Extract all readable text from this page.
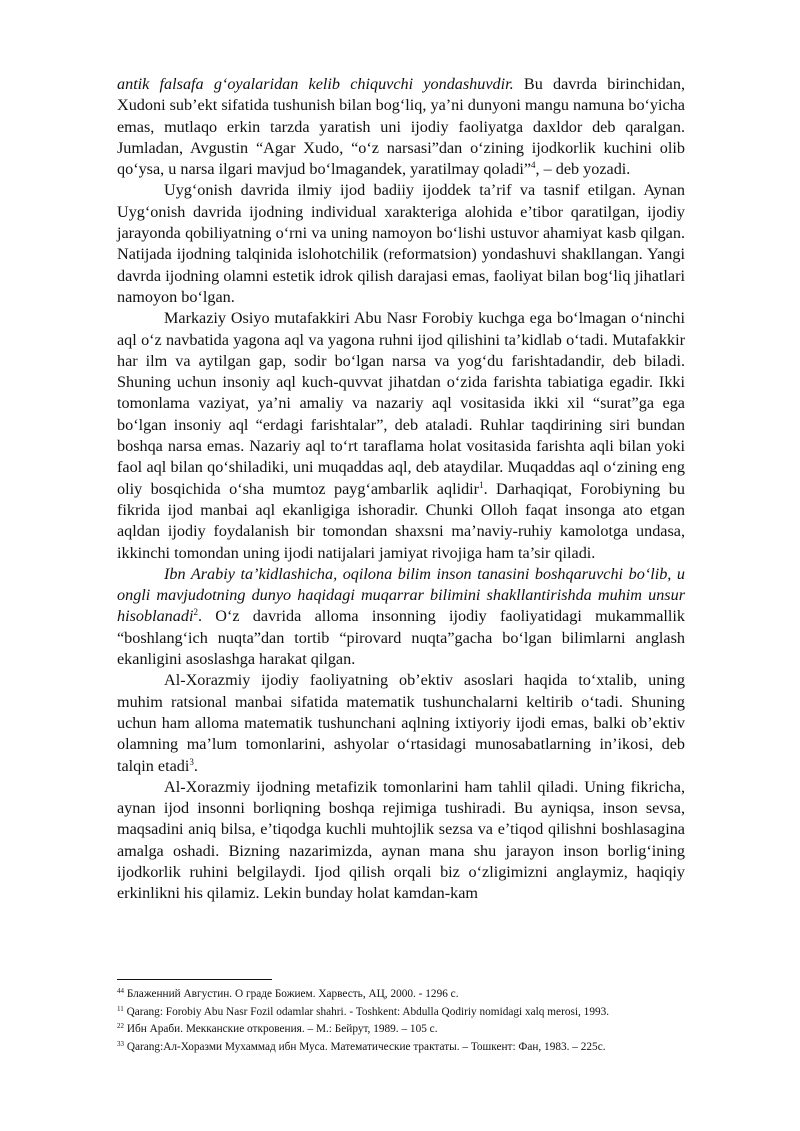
antik falsafa g‘oyalaridan kelib chiquvchi yondashuvdir. Bu davrda birinchidan, Xudoni sub’ekt sifatida tushunish bilan bog‘liq, ya’ni dunyoni mangu namuna bo‘yicha emas, mutlaqo erkin tarzda yaratish uni ijodiy faoliyatga daxldor deb qaralgan. Jumladan, Avgustin “Agar Xudo, “o‘z narsasi”dan o‘zining ijodkorlik kuchini olib qo‘ysa, u narsa ilgari mavjud bo‘lmagandek, yaratilmay qoladi”$^4$, – deb yozadi.

Uyg‘onish davrida ilmiy ijod badiiy ijoddek ta’rif va tasnif etilgan. Aynan Uyg‘onish davrida ijodning individual xarakteriga alohida e’tibor qaratilgan, ijodiy jarayonda qobiliyatning o‘rni va uning namoyon bo‘lishi ustuvor ahamiyat kasb qilgan. Natijada ijodning talqinida islohotchilik (reformatsion) yondashuvi shakllangan. Yangi davrda ijodning olamni estetik idrok qilish darajasi emas, faoliyat bilan bog‘liq jihatlari namoyon bo‘lgan.

Markaziy Osiyo mutafakkiri Abu Nasr Forobiy kuchga ega bo‘lmagan o‘ninchi aql o‘z navbatida yagona aql va yagona ruhni ijod qilishini ta’kidlab o‘tadi. Mutafakkir har ilm va aytilgan gap, sodir bo‘lgan narsa va yog‘du farishtadandir, deb biladi. Shuning uchun insoniy aql kuch-quvvat jihatdan o‘zida farishta tabiatiga egadir. Ikki tomonlama vaziyat, ya’ni amaliy va nazariy aql vositasida ikki xil “surat”ga ega bo‘lgan insoniy aql “erdagi farishtalar”, deb ataladi. Ruhlar taqdirining siri bundan boshqa narsa emas. Nazariy aql to‘rt taraflama holat vositasida farishta aqli bilan yoki faol aql bilan qo‘shiladiki, uni muqaddas aql, deb ataydilar. Muqaddas aql o‘zining eng oliy bosqichida o‘sha mumtoz payg‘ambarlik aqlidir$^1$. Darhaqiqat, Forobiyning bu fikrida ijod manbai aql ekanligiga ishoradir. Chunki Olloh faqat insonga ato etgan aqldan ijodiy foydalanish bir tomondan shaxsni ma’naviy-ruhiy kamolotga undasa, ikkinchi tomondan uning ijodi natijalari jamiyat rivojiga ham ta’sir qiladi.

Ibn Arabiy ta’kidlashicha, oqilona bilim inson tanasini boshqaruvchi bo‘lib, u ongli mavjudotning dunyo haqidagi muqarrar bilimini shakllantirishda muhim unsur hisoblanadi$^2$. O‘z davrida alloma insonning ijodiy faoliyatidagi mukammallik “boshlang‘ich nuqta”dan tortib “pirovard nuqta”gacha bo‘lgan bilimlarni anglash ekanligini asoslashga harakat qilgan.

Al-Xorazmiy ijodiy faoliyatning ob’ektiv asoslari haqida to‘xtalib, uning muhim ratsional manbai sifatida matematik tushunchalarni keltirib o‘tadi. Shuning uchun ham alloma matematik tushunchani aqlning ixtiyoriy ijodi emas, balki ob’ektiv olamning ma’lum tomonlarini, ashyolar o‘rtasidagi munosabatlarning in’ikosi, deb talqin etadi$^3$.

Al-Xorazmiy ijodning metafizik tomonlarini ham tahlil qiladi. Uning fikricha, aynan ijod insonni borliqning boshqa rejimiga tushiradi. Bu ayniqsa, inson sevsa, maqsadini aniq bilsa, e’tiqodga kuchli muhtojlik sezsa va e’tiqod qilishni boshlasagina amalga oshadi. Bizning nazarimizda, aynan mana shu jarayon inson borlig‘ining ijodkorlik ruhini belgilaydi. Ijod qilish orqali biz o‘zligimizni anglaymiz, haqiqiy erkinlikni his qilamiz. Lekin bunday holat kamdan-kam

$^{44}$ Блаженний Августин. О граде Божием. Харвесть, АЦ, 2000. - 1296 с.
$^{11}$ Qarang: Forobiy Abu Nasr Fozil odamlar shahri. - Toshkent: Abdulla Qodiriy nomidagi xalq merosi, 1993.
$^{22}$ Ибн Араби. Мекканские откровения. – М.: Бейрут, 1989. – 105 с.
$^{33}$ Qarang:Ал-Хоразми Мухаммад ибн Муса. Математические трактаты. – Тошкент: Фан, 1983. – 225с.
